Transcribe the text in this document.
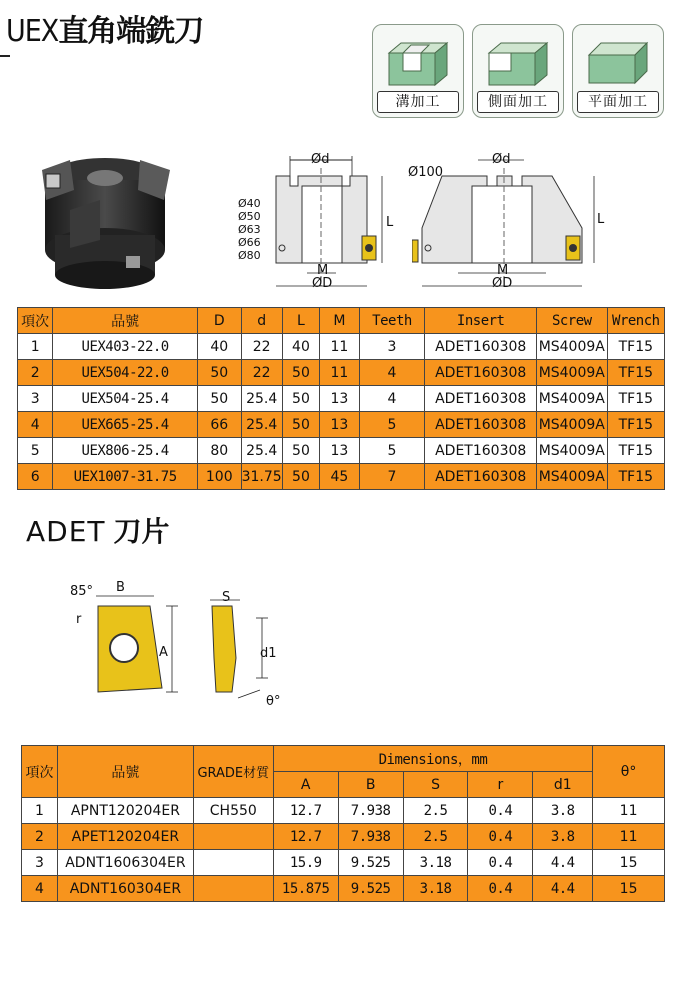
UEX直角端銑刀
溝加工	側面加工	平面加工
Ød
Ø40
Ø50
Ø63
Ø66
Ø80
L
M
ØD
Ø100
Ød
L
M
ØD
項次	品號	D	d	L	M	Teeth	Insert	Screw	Wrench
1	UEX403-22.0	40	22	40	11	3	ADET160308	MS4009A	TF15
2	UEX504-22.0	50	22	50	11	4	ADET160308	MS4009A	TF15
3	UEX504-25.4	50	25.4	50	13	4	ADET160308	MS4009A	TF15
4	UEX665-25.4	66	25.4	50	13	5	ADET160308	MS4009A	TF15
5	UEX806-25.4	80	25.4	50	13	5	ADET160308	MS4009A	TF15
6	UEX1007-31.75	100	31.75	50	45	7	ADET160308	MS4009A	TF15
ADET 刀片
85° B
r
A
S
d1
θ°
項次	品號	GRADE材質	Dimensions，mm					θ°
			A	B	S	r	d1	
1	APNT120204ER	CH550	12.7	7.938	2.5	0.4	3.8	11
2	APET120204ER		12.7	7.938	2.5	0.4	3.8	11
3	ADNT1606304ER		15.9	9.525	3.18	0.4	4.4	15
4	ADNT160304ER		15.875	9.525	3.18	0.4	4.4	15
